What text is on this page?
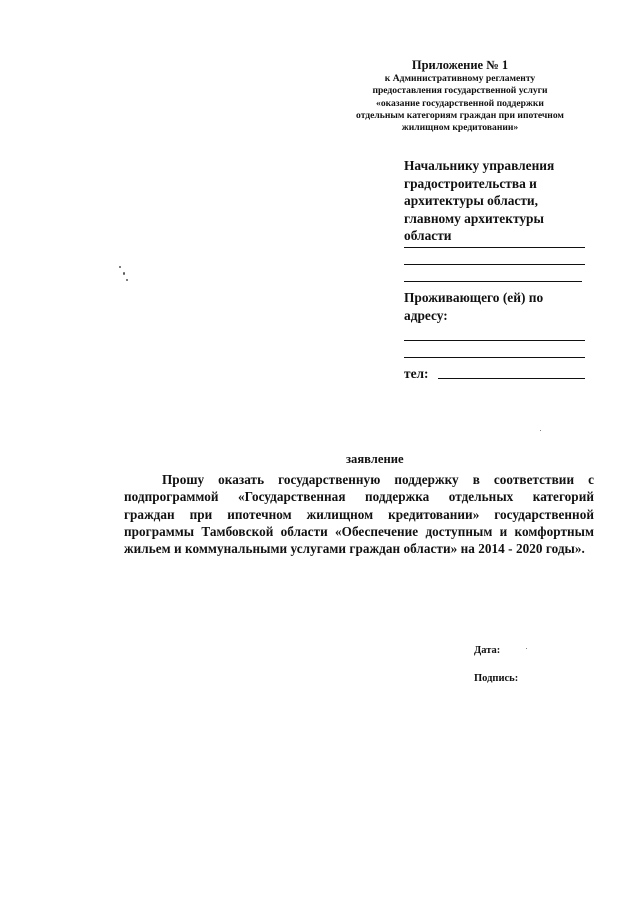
Приложение № 1
к Административному регламенту
предоставления государственной услуги
«оказание государственной поддержки
отдельным категориям граждан при ипотечном
жилищном кредитовании»
Начальнику управления
градостроительства и
архитектуры области,
главному архитектуры
области
Проживающего (ей) по
адресу:
тел:
заявление
Прошу оказать государственную поддержку в соответствии с
подпрограммой «Государственная поддержка отдельных категорий
граждан при ипотечном жилищном кредитовании» государственной
программы Тамбовской области «Обеспечение доступным и комфортным
жильем и коммунальными услугами граждан области» на 2014 - 2020 годы».
Дата:
Подпись:
